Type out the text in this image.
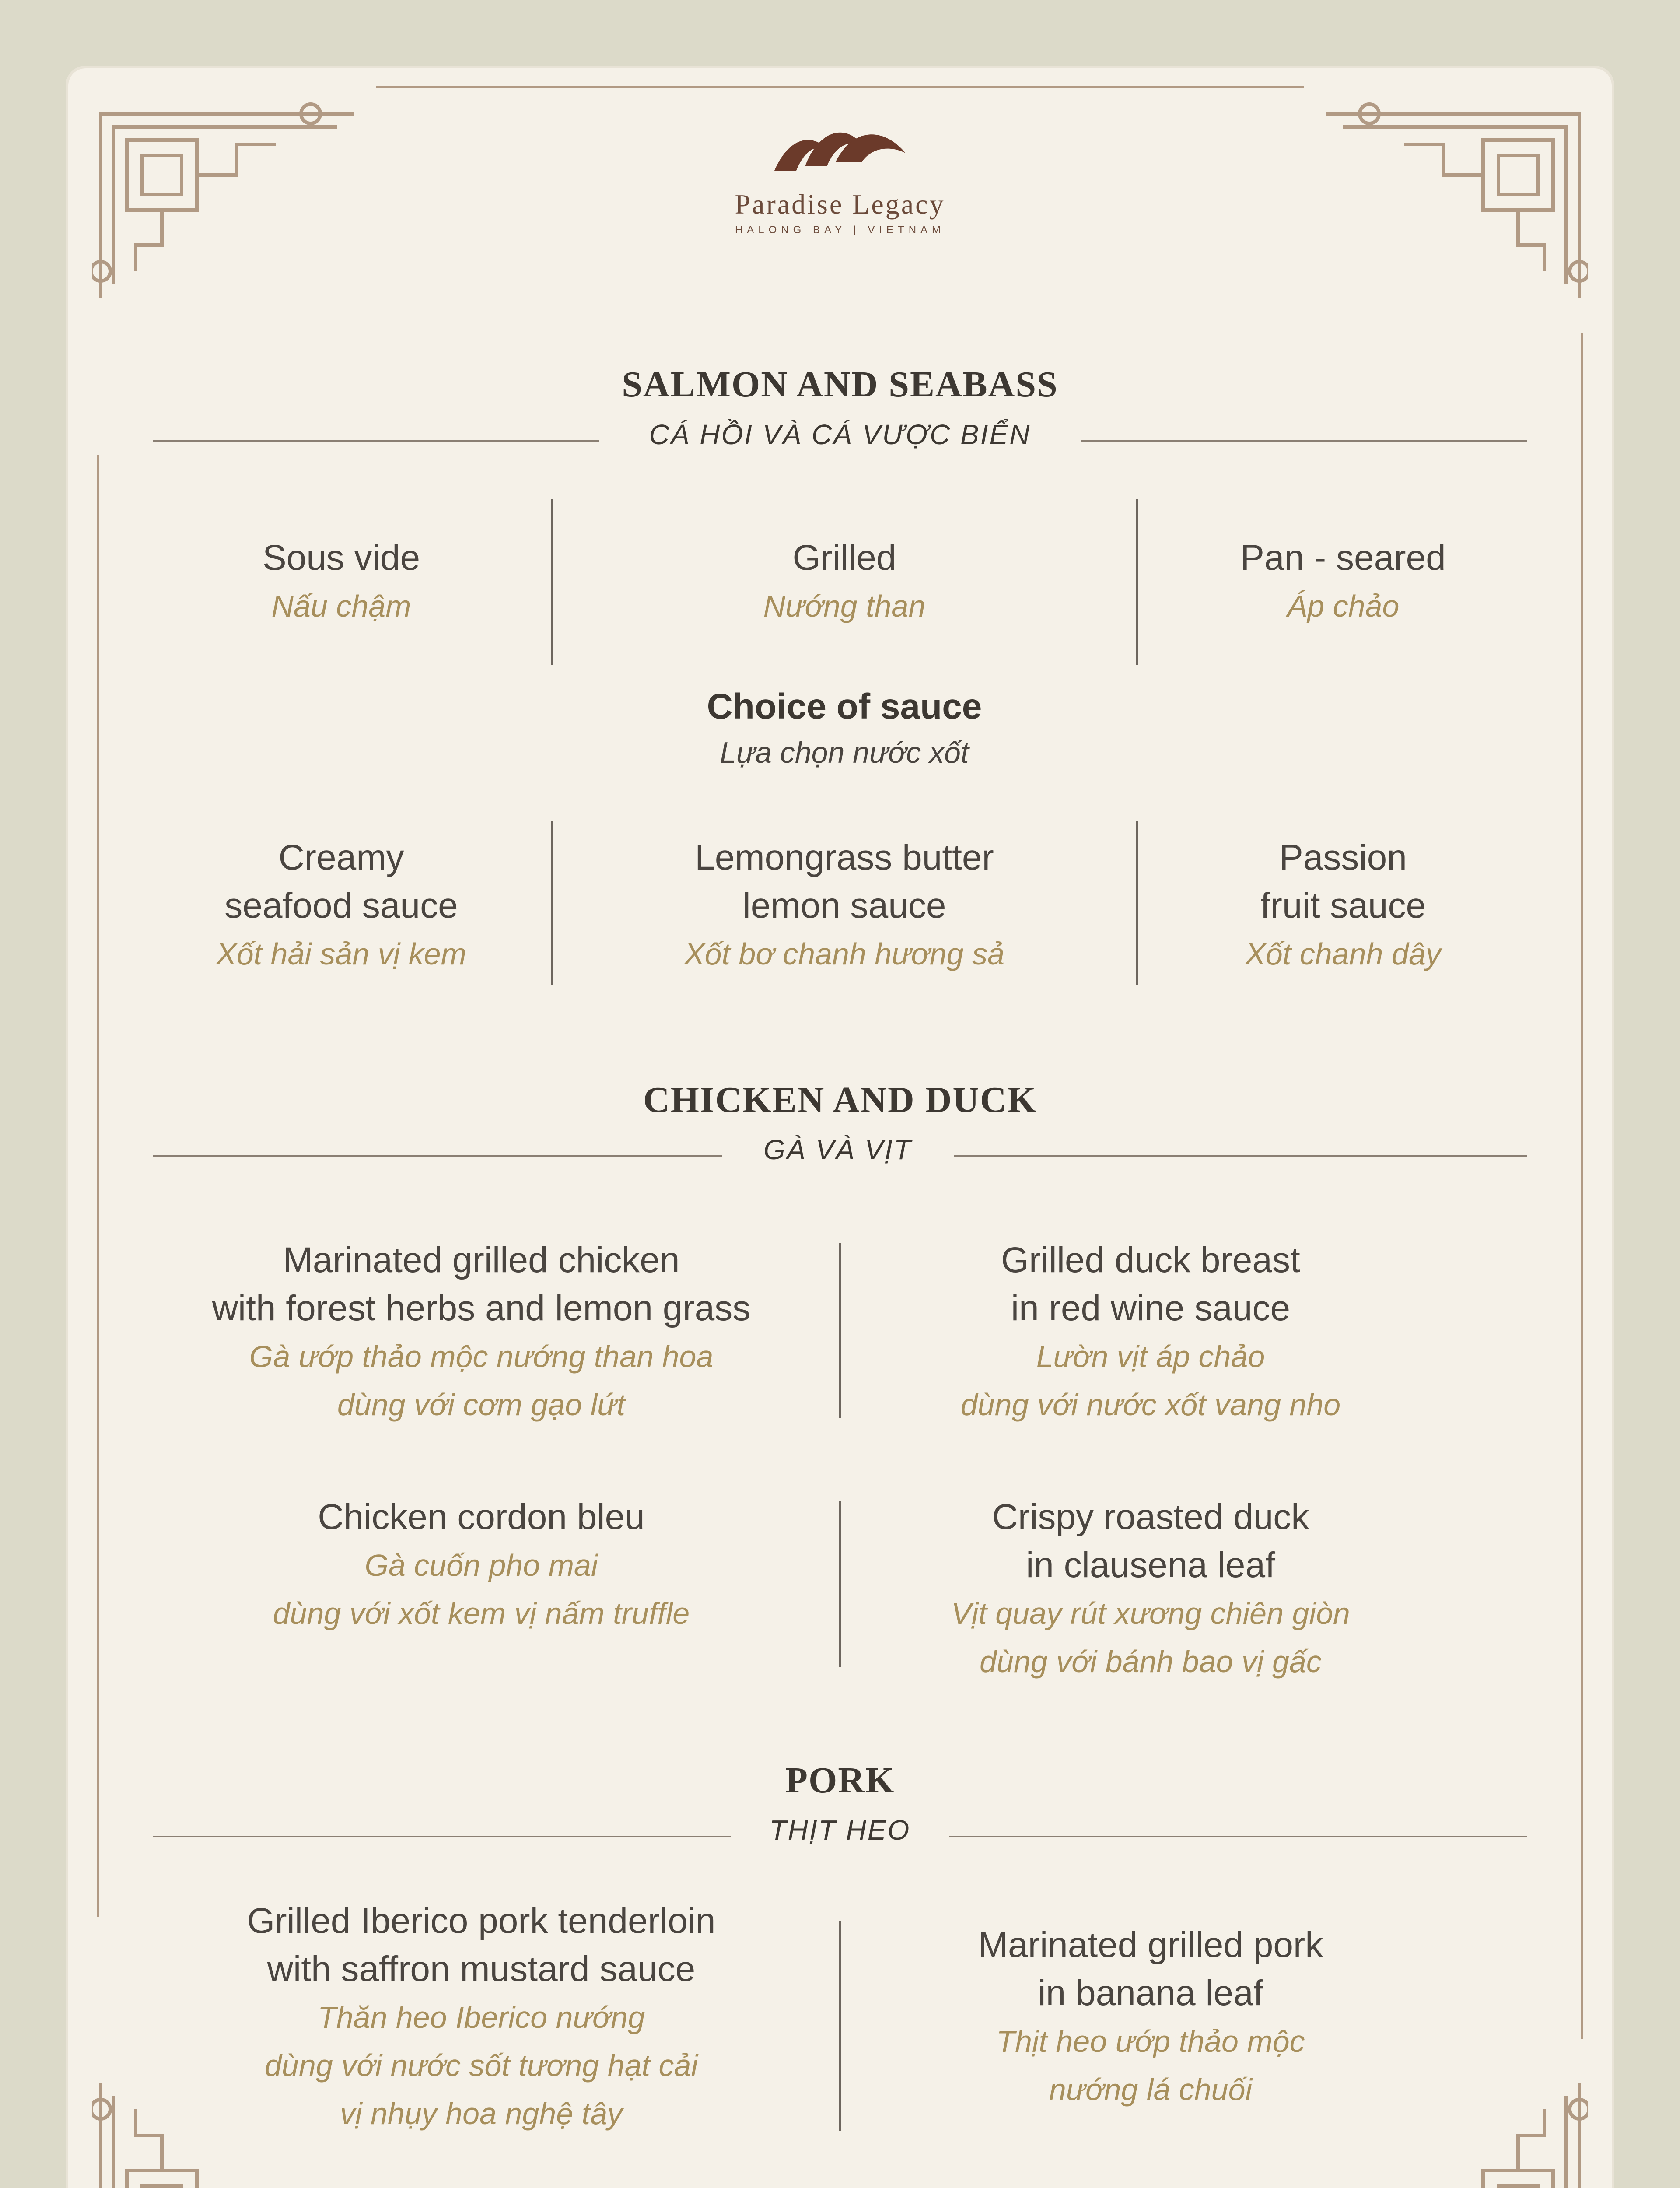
Paradise Legacy
HALONG BAY | VIETNAM
SALMON AND SEABASS
CÁ HỒI VÀ CÁ VƯỢC BIỂN
Sous vide
Nấu chậm
Grilled
Nướng than
Pan - seared
Áp chảo
Choice of sauce
Lựa chọn nước xốt
Creamy
seafood sauce
Xốt hải sản vị kem
Lemongrass butter
lemon sauce
Xốt bơ chanh hương sả
Passion
fruit sauce
Xốt chanh dây
CHICKEN AND DUCK
GÀ VÀ VỊT
Marinated grilled chicken
with forest herbs and lemon grass
Gà ướp thảo mộc nướng than hoa
dùng với cơm gạo lứt
Grilled duck breast
in red wine sauce
Lườn vịt áp chảo
dùng với nước xốt vang nho
Chicken cordon bleu
Gà cuốn pho mai
dùng với xốt kem vị nấm truffle
Crispy roasted duck
in clausena leaf
Vịt quay rút xương chiên giòn
dùng với bánh bao vị gấc
PORK
THỊT HEO
Grilled Iberico pork tenderloin
with saffron mustard sauce
Thăn heo Iberico nướng
dùng với nước sốt tương hạt cải
vị nhụy hoa nghệ tây
Marinated grilled pork
in banana leaf
Thịt heo ướp thảo mộc
nướng lá chuối
